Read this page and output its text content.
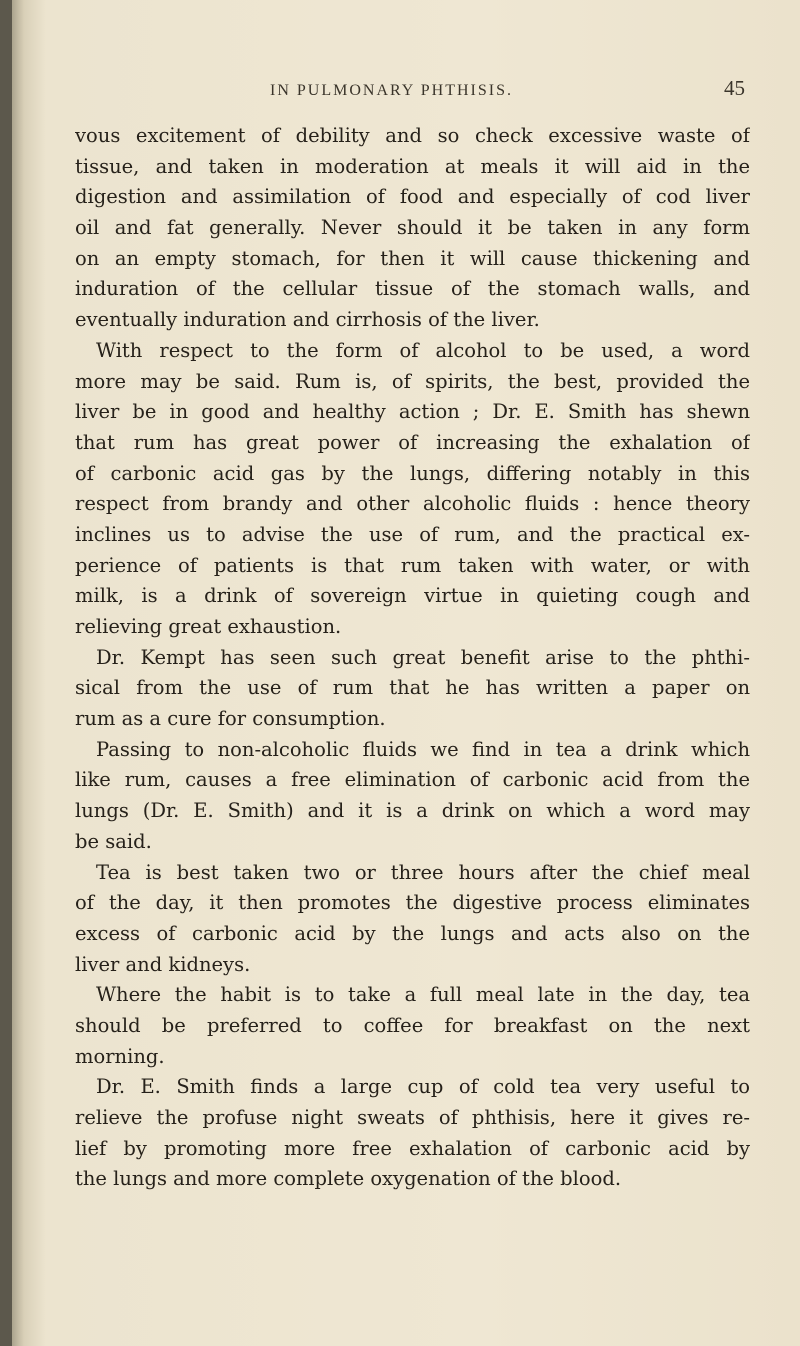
IN PULMONARY PHTHISIS.	45
vous excitement of debility and so check excessive waste of
tissue, and taken in moderation at meals it will aid in the
digestion and assimilation of food and especially of cod liver
oil and fat generally. Never should it be taken in any form
on an empty stomach, for then it will cause thickening and
induration of the cellular tissue of the stomach walls, and
eventually induration and cirrhosis of the liver.
With respect to the form of alcohol to be used, a word
more may be said. Rum is, of spirits, the best, provided the
liver be in good and healthy action ; Dr. E. Smith has shewn
that rum has great power of increasing the exhalation of
of carbonic acid gas by the lungs, differing notably in this
respect from brandy and other alcoholic fluids : hence theory
inclines us to advise the use of rum, and the practical ex-
perience of patients is that rum taken with water, or with
milk, is a drink of sovereign virtue in quieting cough and
relieving great exhaustion.
Dr. Kempt has seen such great benefit arise to the phthi-
sical from the use of rum that he has written a paper on
rum as a cure for consumption.
Passing to non-alcoholic fluids we find in tea a drink which
like rum, causes a free elimination of carbonic acid from the
lungs (Dr. E. Smith) and it is a drink on which a word may
be said.
Tea is best taken two or three hours after the chief meal
of the day, it then promotes the digestive process eliminates
excess of carbonic acid by the lungs and acts also on the
liver and kidneys.
Where the habit is to take a full meal late in the day, tea
should be preferred to coffee for breakfast on the next
morning.
Dr. E. Smith finds a large cup of cold tea very useful to
relieve the profuse night sweats of phthisis, here it gives re-
lief by promoting more free exhalation of carbonic acid by
the lungs and more complete oxygenation of the blood.
